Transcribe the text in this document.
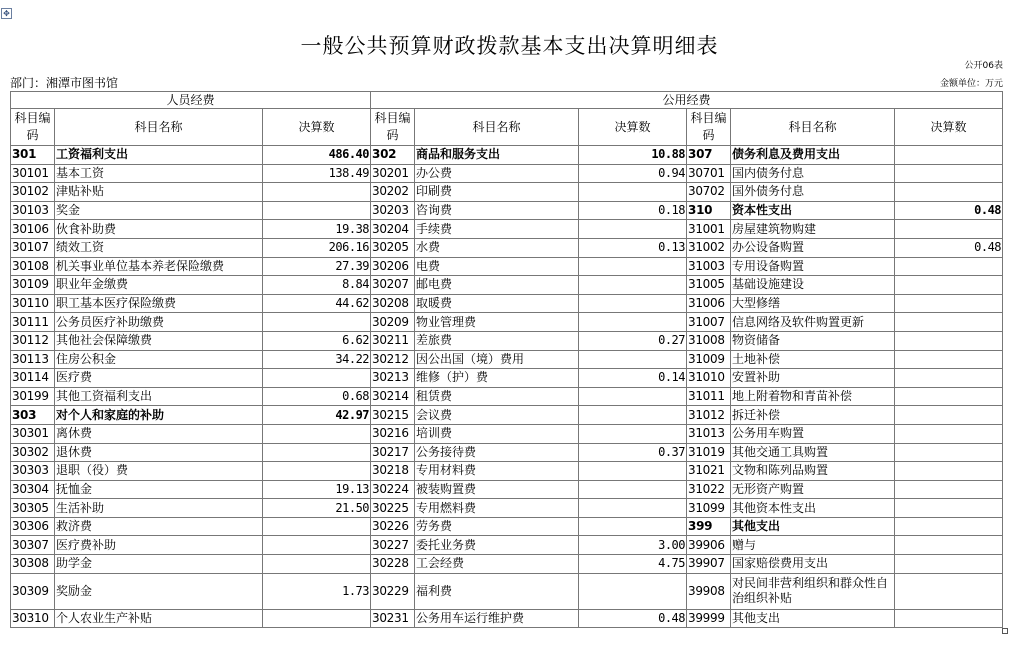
✥
一般公共预算财政拨款基本支出决算明细表
公开06表
部门：湘潭市图书馆	金额单位：万元
人员经费			公用经费					
科目编码	科目名称	决算数	科目编码	科目名称	决算数	科目编码	科目名称	决算数
301	工资福利支出	486.40	302	商品和服务支出	10.88	307	债务利息及费用支出	
30101	基本工资	138.49	30201	办公费	0.94	30701	国内债务付息	
30102	津贴补贴		30202	印刷费		30702	国外债务付息	
30103	奖金		30203	咨询费	0.18	310	资本性支出	0.48
30106	伙食补助费	19.38	30204	手续费		31001	房屋建筑物购建	
30107	绩效工资	206.16	30205	水费	0.13	31002	办公设备购置	0.48
30108	机关事业单位基本养老保险缴费	27.39	30206	电费		31003	专用设备购置	
30109	职业年金缴费	8.84	30207	邮电费		31005	基础设施建设	
30110	职工基本医疗保险缴费	44.62	30208	取暖费		31006	大型修缮	
30111	公务员医疗补助缴费		30209	物业管理费		31007	信息网络及软件购置更新	
30112	其他社会保障缴费	6.62	30211	差旅费	0.27	31008	物资储备	
30113	住房公积金	34.22	30212	因公出国（境）费用		31009	土地补偿	
30114	医疗费		30213	维修（护）费	0.14	31010	安置补助	
30199	其他工资福利支出	0.68	30214	租赁费		31011	地上附着物和青苗补偿	
303	对个人和家庭的补助	42.97	30215	会议费		31012	拆迁补偿	
30301	离休费		30216	培训费		31013	公务用车购置	
30302	退休费		30217	公务接待费	0.37	31019	其他交通工具购置	
30303	退职（役）费		30218	专用材料费		31021	文物和陈列品购置	
30304	抚恤金	19.13	30224	被装购置费		31022	无形资产购置	
30305	生活补助	21.50	30225	专用燃料费		31099	其他资本性支出	
30306	救济费		30226	劳务费		399	其他支出	
30307	医疗费补助		30227	委托业务费	3.00	39906	赠与	
30308	助学金		30228	工会经费	4.75	39907	国家赔偿费用支出	
30309	奖励金	1.73	30229	福利费		39908	对民间非营利组织和群众性自治组织补贴	
30310	个人农业生产补贴		30231	公务用车运行维护费	0.48	39999	其他支出	
